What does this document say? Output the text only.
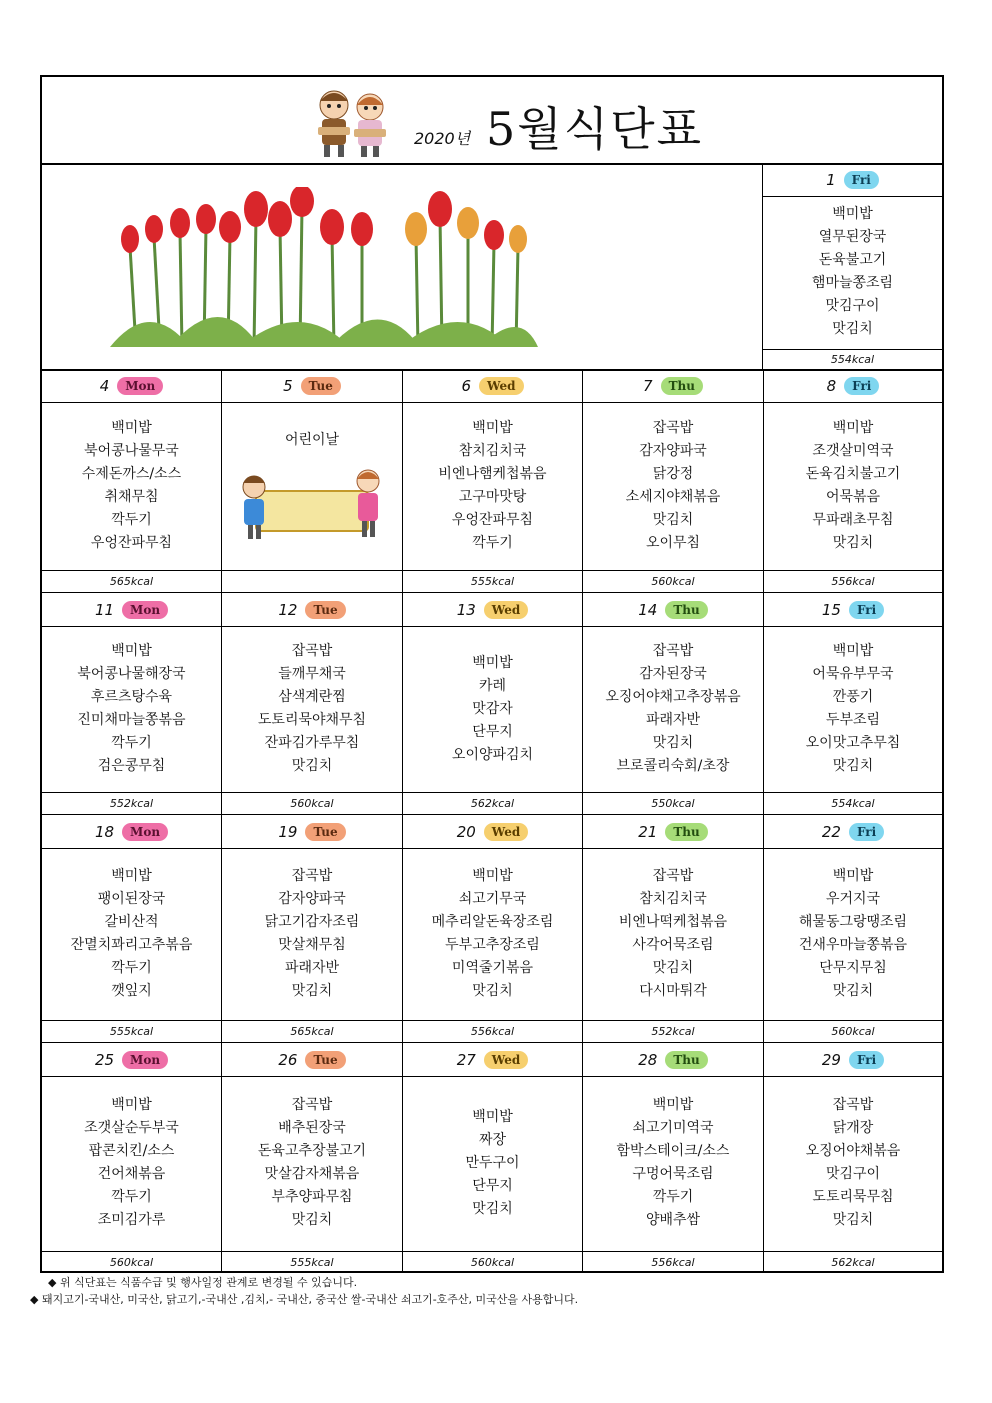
2020년 5월식단표
1	Fri
백미밥
열무된장국
돈육불고기
햄마늘쫑조림
맛김구이
맛김치
554kcal
4	Mon
백미밥
북어콩나물무국
수제돈까스/소스
취채무침
깍두기
우엉잔파무침
565kcal
5	Tue
어린이날
6	Wed
백미밥
참치김치국
비엔나햄케첩볶음
고구마맛탕
우엉잔파무침
깍두기
555kcal
7	Thu
잡곡밥
감자양파국
닭강정
소세지야채볶음
맛김치
오이무침
560kcal
8	Fri
백미밥
조갯살미역국
돈육김치불고기
어묵볶음
무파래초무침
맛김치
556kcal
11	Mon
백미밥
북어콩나물해장국
후르츠탕수육
진미채마늘쫑볶음
깍두기
검은콩무침
552kcal
12	Tue
잡곡밥
들깨무채국
삼색계란찜
도토리묵야채무침
잔파김가루무침
맛김치
560kcal
13	Wed
백미밥
카레
맛감자
단무지
오이양파김치
562kcal
14	Thu
잡곡밥
감자된장국
오징어야채고추장볶음
파래자반
맛김치
브로콜리숙회/초장
550kcal
15	Fri
백미밥
어묵유부무국
깐풍기
두부조림
오이맛고추무침
맛김치
554kcal
18	Mon
백미밥
팽이된장국
갈비산적
잔멸치꽈리고추볶음
깍두기
깻잎지
555kcal
19	Tue
잡곡밥
감자양파국
닭고기감자조림
맛살채무침
파래자반
맛김치
565kcal
20	Wed
백미밥
쇠고기무국
메추리알돈육장조림
두부고추장조림
미역줄기볶음
맛김치
556kcal
21	Thu
잡곡밥
참치김치국
비엔나떡케첩볶음
사각어묵조림
맛김치
다시마튀각
552kcal
22	Fri
백미밥
우거지국
해물동그랑땡조림
건새우마늘쫑볶음
단무지무침
맛김치
560kcal
25	Mon
백미밥
조갯살순두부국
팝콘치킨/소스
건어채볶음
깍두기
조미김가루
560kcal
26	Tue
잡곡밥
배추된장국
돈육고추장불고기
맛살감자채볶음
부추양파무침
맛김치
555kcal
27	Wed
백미밥
짜장
만두구이
단무지
맛김치
560kcal
28	Thu
백미밥
쇠고기미역국
함박스테이크/소스
구멍어묵조림
깍두기
양배추쌈
556kcal
29	Fri
잡곡밥
닭개장
오징어야채볶음
맛김구이
도토리묵무침
맛김치
562kcal
◆ 위 식단표는 식품수급 및 행사일정 관계로 변경될 수 있습니다.
◆ 돼지고기-국내산, 미국산, 닭고기,-국내산 ,김치,- 국내산, 중국산 쌀-국내산 쇠고기-호주산, 미국산을 사용합니다.
